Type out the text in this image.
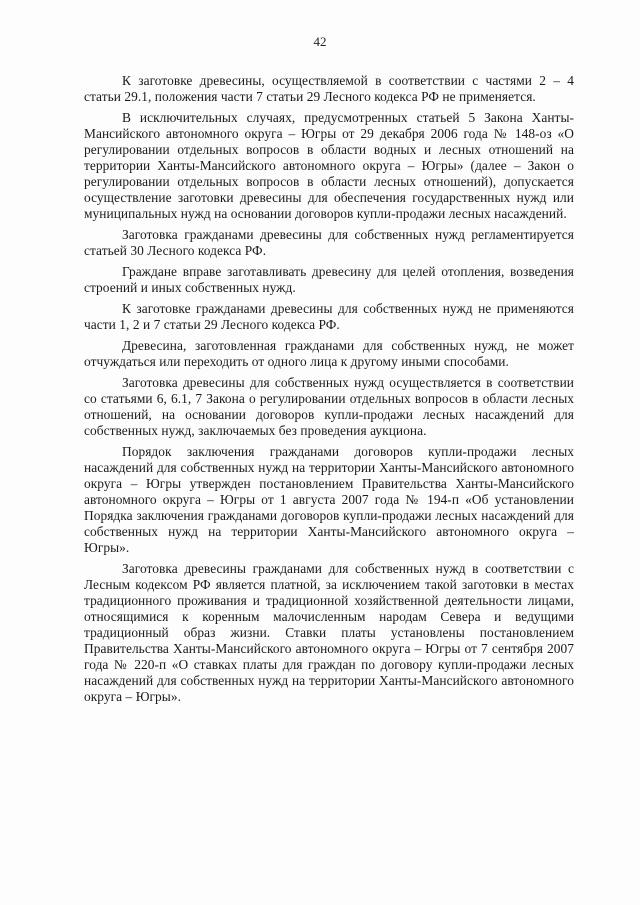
42

К заготовке древесины, осуществляемой в соответствии с частями 2 – 4 статьи 29.1, положения части 7 статьи 29 Лесного кодекса РФ не применяется.

В исключительных случаях, предусмотренных статьей 5 Закона Ханты-Мансийского автономного округа – Югры от 29 декабря 2006 года № 148-оз «О регулировании отдельных вопросов в области водных и лесных отношений на территории Ханты-Мансийского автономного округа – Югры» (далее – Закон о регулировании отдельных вопросов в области лесных отношений), допускается осуществление заготовки древесины для обеспечения государственных нужд или муниципальных нужд на основании договоров купли-продажи лесных насаждений.

Заготовка гражданами древесины для собственных нужд регламентируется статьей 30 Лесного кодекса РФ.

Граждане вправе заготавливать древесину для целей отопления, возведения строений и иных собственных нужд.

К заготовке гражданами древесины для собственных нужд не применяются части 1, 2 и 7 статьи 29 Лесного кодекса РФ.

Древесина, заготовленная гражданами для собственных нужд, не может отчуждаться или переходить от одного лица к другому иными способами.

Заготовка древесины для собственных нужд осуществляется в соответствии со статьями 6, 6.1, 7 Закона о регулировании отдельных вопросов в области лесных отношений, на основании договоров купли-продажи лесных насаждений для собственных нужд, заключаемых без проведения аукциона.

Порядок заключения гражданами договоров купли-продажи лесных насаждений для собственных нужд на территории Ханты-Мансийского автономного округа – Югры утвержден постановлением Правительства Ханты-Мансийского автономного округа – Югры от 1 августа 2007 года № 194-п «Об установлении Порядка заключения гражданами договоров купли-продажи лесных насаждений для собственных нужд на территории Ханты-Мансийского автономного округа – Югры».

Заготовка древесины гражданами для собственных нужд в соответствии с Лесным кодексом РФ является платной, за исключением такой заготовки в местах традиционного проживания и традиционной хозяйственной деятельности лицами, относящимися к коренным малочисленным народам Севера и ведущими традиционный образ жизни. Ставки платы установлены постановлением Правительства Ханты-Мансийского автономного округа – Югры от 7 сентября 2007 года № 220-п «О ставках платы для граждан по договору купли-продажи лесных насаждений для собственных нужд на территории Ханты-Мансийского автономного округа – Югры».
